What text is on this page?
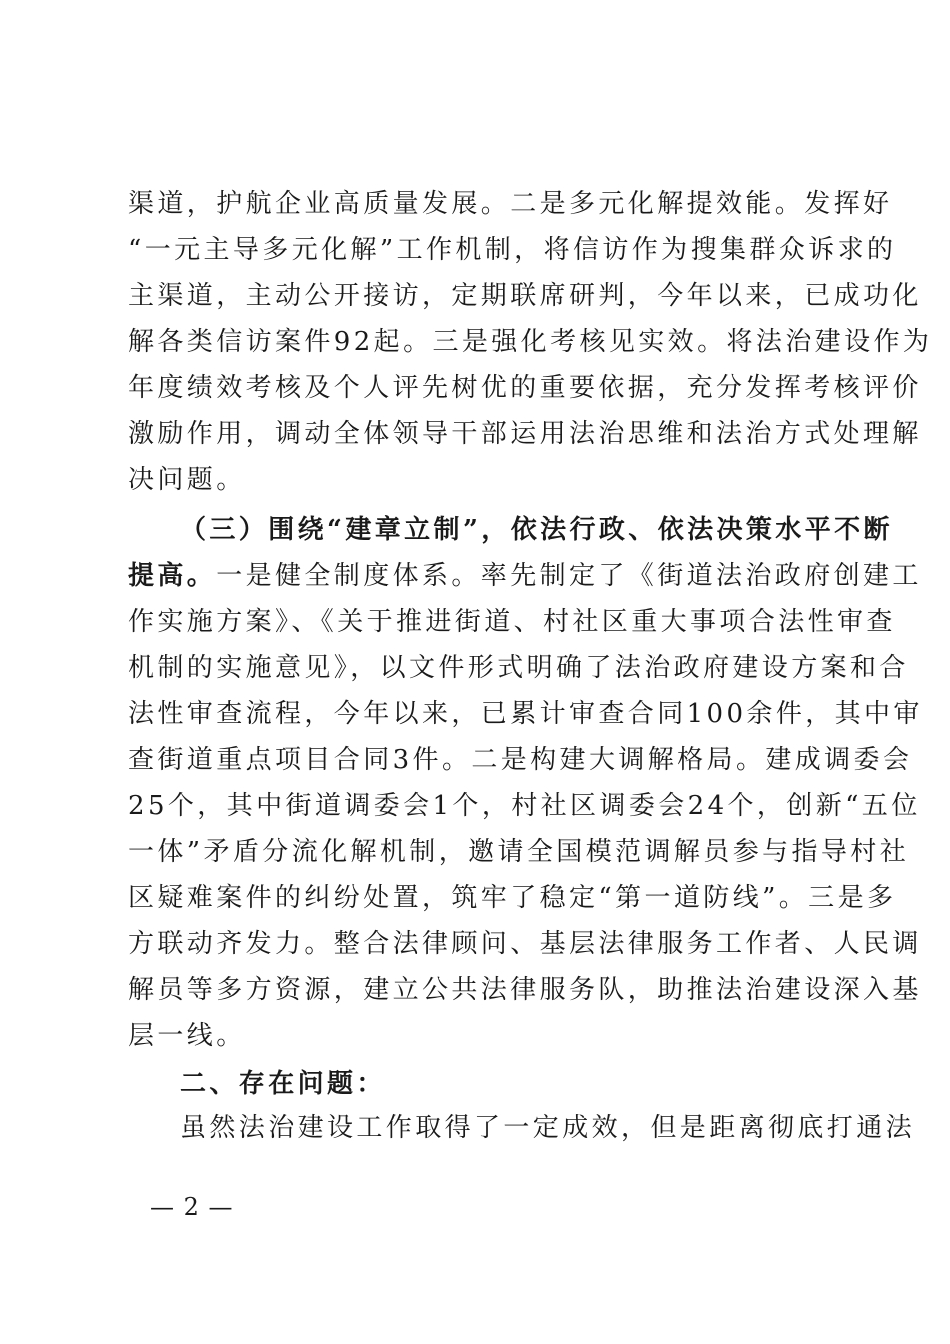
渠道，护航企业高质量发展。二是多元化解提效能。发挥好
“一元主导多元化解”工作机制，将信访作为搜集群众诉求的
主渠道，主动公开接访，定期联席研判，今年以来，已成功化
解各类信访案件92起。三是强化考核见实效。将法治建设作为
年度绩效考核及个人评先树优的重要依据，充分发挥考核评价
激励作用，调动全体领导干部运用法治思维和法治方式处理解
决问题。
（三）围绕“建章立制”，依法行政、依法决策水平不断
提高。一是健全制度体系。率先制定了《街道法治政府创建工
作实施方案》、《关于推进街道、村社区重大事项合法性审查
机制的实施意见》，以文件形式明确了法治政府建设方案和合
法性审查流程，今年以来，已累计审查合同100余件，其中审
查街道重点项目合同3件。二是构建大调解格局。建成调委会
25个，其中街道调委会1个，村社区调委会24个，创新“五位
一体”矛盾分流化解机制，邀请全国模范调解员参与指导村社
区疑难案件的纠纷处置，筑牢了稳定“第一道防线”。三是多
方联动齐发力。整合法律顾问、基层法律服务工作者、人民调
解员等多方资源，建立公共法律服务队，助推法治建设深入基
层一线。
二、存在问题：
虽然法治建设工作取得了一定成效，但是距离彻底打通法
— 2 —
